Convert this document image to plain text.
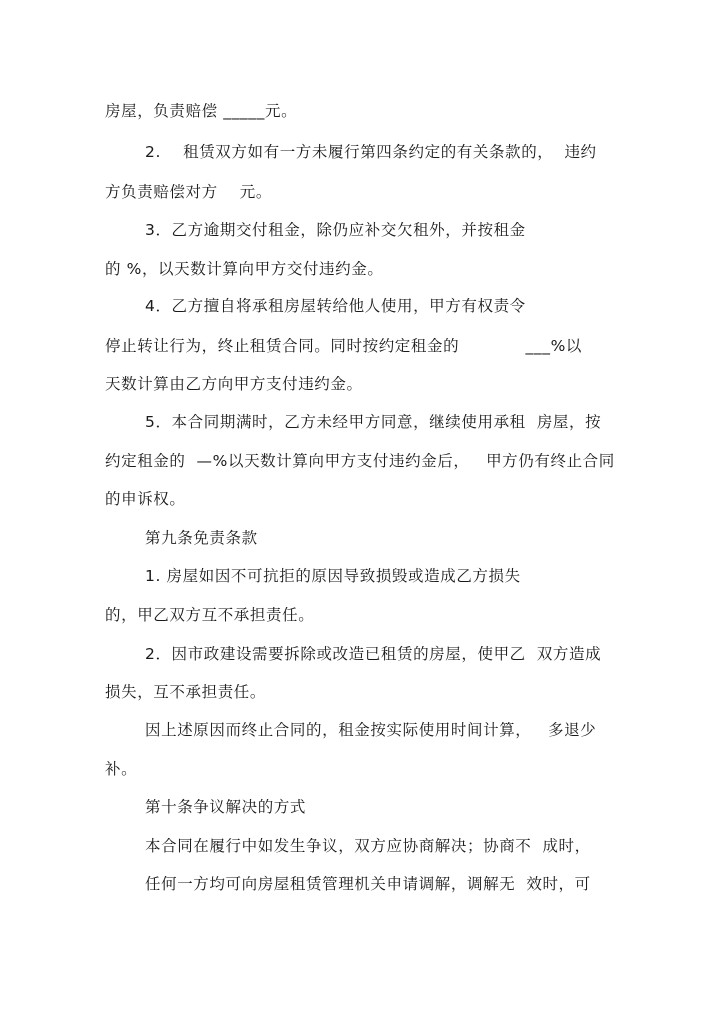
房屋，负责赔偿 _____元。
2.    租赁双方如有一方未履行第四条约定的有关条款的，  违约
方负责赔偿对方    元。
3．乙方逾期交付租金，除仍应补交欠租外，并按租金
的 %，以天数计算向甲方交付违约金。
4．乙方擅自将承租房屋转给他人使用，甲方有权责令
停止转让行为，终止租赁合同。同时按约定租金的            ___%以
天数计算由乙方向甲方支付违约金。
5．本合同期满时，乙方未经甲方同意，继续使用承租  房屋，按
约定租金的  —%以天数计算向甲方支付违约金后，   甲方仍有终止合同
的申诉权。
第九条免责条款
1. 房屋如因不可抗拒的原因导致损毁或造成乙方损失
的，甲乙双方互不承担责任。
2．因市政建设需要拆除或改造已租赁的房屋，使甲乙  双方造成
损失，互不承担责任。
因上述原因而终止合同的，租金按实际使用时间计算，   多退少
补。
第十条争议解决的方式
本合同在履行中如发生争议，双方应协商解决；协商不  成时，
任何一方均可向房屋租赁管理机关申请调解，调解无  效时，可
